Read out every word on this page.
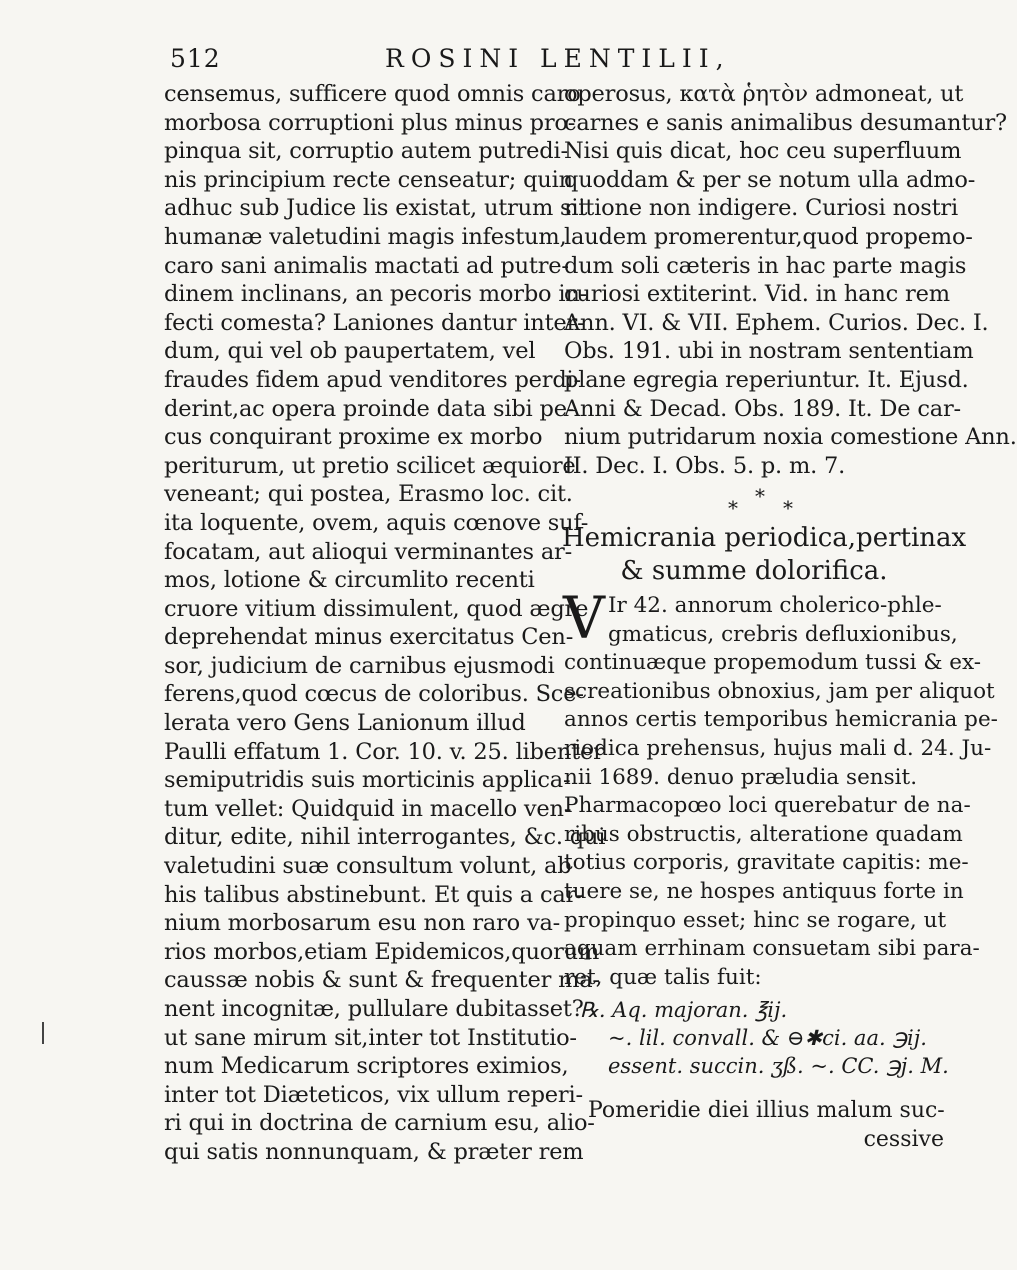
512	ROSINI LENTILII,
censemus, sufficere quod omnis caro
morbosa corruptioni plus minus pro-
pinqua sit, corruptio autem putredi-
nis principium recte censeatur; quin
adhuc sub Judice lis existat, utrum sit
humanæ valetudini magis infestum,
caro sani animalis mactati ad putre-
dinem inclinans, an pecoris morbo in-
fecti comesta? Laniones dantur inter-
dum, qui vel ob paupertatem, vel
fraudes fidem apud venditores perdi-
derint,ac opera proinde data sibi pe-
cus conquirant proxime ex morbo
periturum, ut pretio scilicet æquiore
veneant; qui postea, Erasmo loc. cit.
ita loquente, ovem, aquis cœnove suf-
focatam, aut alioqui verminantes ar-
mos, lotione & circumlito recenti
cruore vitium dissimulent, quod ægre
deprehendat minus exercitatus Cen-
sor, judicium de carnibus ejusmodi
ferens,quod cœcus de coloribus. Sce-
lerata vero Gens Lanionum illud
Paulli effatum 1. Cor. 10. v. 25. libenter
semiputridis suis morticinis applica-
tum vellet: Quidquid in macello ven-
ditur, edite, nihil interrogantes, &c. qui
valetudini suæ consultum volunt, ab
his talibus abstinebunt. Et quis a car-
nium morbosarum esu non raro va-
rios morbos,etiam Epidemicos,quorum
caussæ nobis & sunt & frequenter ma-
nent incognitæ, pullulare dubitasset?
ut sane mirum sit,inter tot Institutio-
num Medicarum scriptores eximios,
inter tot Diæteticos, vix ullum reperi-
ri qui in doctrina de carnium esu, alio-
qui satis nonnunquam, & præter rem
operosus, κατὰ ῥητὸν admoneat, ut
carnes e sanis animalibus desumantur?
Nisi quis dicat, hoc ceu superfluum
quoddam & per se notum ulla admo-
nitione non indigere. Curiosi nostri
laudem promerentur,quod propemo-
dum soli cæteris in hac parte magis
curiosi extiterint. Vid. in hanc rem
Ann. VI. & VII. Ephem. Curios. Dec. I.
Obs. 191. ubi in nostram sententiam
plane egregia reperiuntur. It. Ejusd.
Anni & Decad. Obs. 189. It. De car-
nium putridarum noxia comestione Ann.
II. Dec. I. Obs. 5. p. m. 7.
* * *
Hemicrania periodica,pertinax
& summe dolorifica.
V Ir 42. annorum cholerico-phle-
gmaticus, crebris defluxionibus,
continuæque propemodum tussi & ex-
screationibus obnoxius, jam per aliquot
annos certis temporibus hemicrania pe-
riodica prehensus, hujus mali d. 24. Ju-
nii 1689. denuo præludia sensit.
Pharmacopœo loci querebatur de na-
ribus obstructis, alteratione quadam
totius corporis, gravitate capitis: me-
tuere se, ne hospes antiquus forte in
propinquo esset; hinc se rogare, ut
aquam errhinam consuetam sibi para-
ret, quæ talis fuit:
℞. Aq. majoran. ℥ij.
~. lil. convall. & ⊖✱ci. aa. ℈ij.
essent. succin. ʒß. ~. CC. ℈j. M.
Pomeridie diei illius malum suc-
cessive
